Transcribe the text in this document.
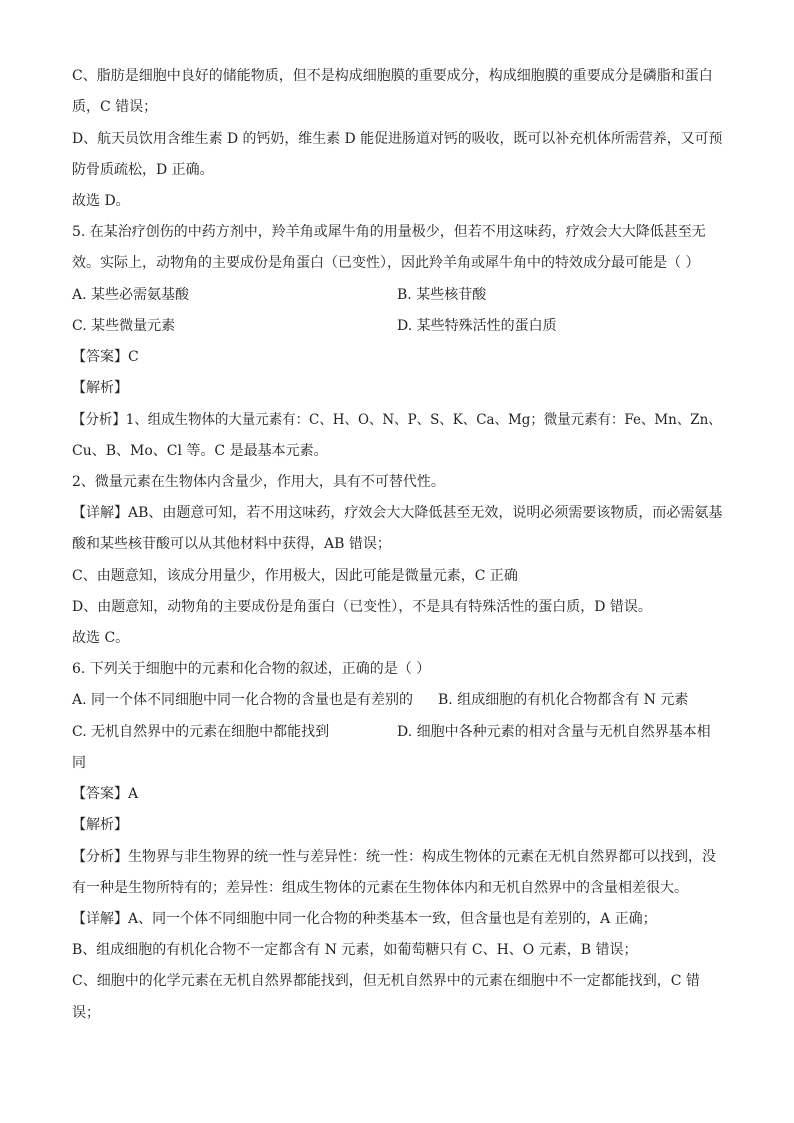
C、脂肪是细胞中良好的储能物质，但不是构成细胞膜的重要成分，构成细胞膜的重要成分是磷脂和蛋白
质，C 错误；
D、航天员饮用含维生素 D 的钙奶，维生素 D 能促进肠道对钙的吸收，既可以补充机体所需营养，又可预
防骨质疏松，D 正确。
故选 D。
5. 在某治疗创伤的中药方剂中，羚羊角或犀牛角的用量极少，但若不用这味药，疗效会大大降低甚至无
效。实际上，动物角的主要成份是角蛋白（已变性），因此羚羊角或犀牛角中的特效成分最可能是（ ）
A. 某些必需氨基酸	B. 某些核苷酸
C. 某些微量元素	D. 某些特殊活性的蛋白质
【答案】C
【解析】
【分析】1、组成生物体的大量元素有：C、H、O、N、P、S、K、Ca、Mg；微量元素有：Fe、Mn、Zn、
Cu、B、Mo、Cl 等。C 是最基本元素。
2、微量元素在生物体内含量少，作用大，具有不可替代性。
【详解】AB、由题意可知，若不用这味药，疗效会大大降低甚至无效，说明必须需要该物质，而必需氨基
酸和某些核苷酸可以从其他材料中获得，AB 错误；
C、由题意知，该成分用量少，作用极大，因此可能是微量元素，C 正确
D、由题意知，动物角的主要成份是角蛋白（已变性），不是具有特殊活性的蛋白质，D 错误。
故选 C。
6. 下列关于细胞中的元素和化合物的叙述，正确的是（ ）
A. 同一个体不同细胞中同一化合物的含量也是有差别的 B. 组成细胞的有机化合物都含有 N 元素
C. 无机自然界中的元素在细胞中都能找到	D. 细胞中各种元素的相对含量与无机自然界基本相
同
【答案】A
【解析】
【分析】生物界与非生物界的统一性与差异性：统一性：构成生物体的元素在无机自然界都可以找到，没
有一种是生物所特有的；差异性：组成生物体的元素在生物体体内和无机自然界中的含量相差很大。
【详解】A、同一个体不同细胞中同一化合物的种类基本一致，但含量也是有差别的，A 正确；
B、组成细胞的有机化合物不一定都含有 N 元素，如葡萄糖只有 C、H、O 元素，B 错误；
C、细胞中的化学元素在无机自然界都能找到，但无机自然界中的元素在细胞中不一定都能找到，C 错
误；
